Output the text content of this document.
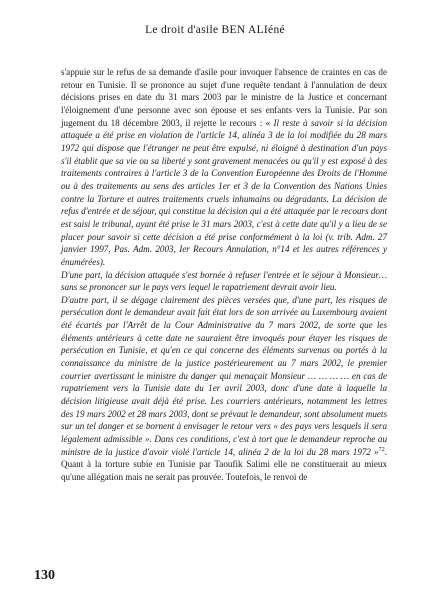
Le droit d'asile BEN ALIéné

s'appuie sur le refus de sa demande d'asile pour invoquer l'absence de craintes en cas de retour en Tunisie. Il se prononce au sujet d'une requête tendant à l'annulation de deux décisions prises en date du 31 mars 2003 par le ministre de la Justice et concernant l'éloignement d'une personne avec son épouse et ses enfants vers la Tunisie. Par son jugement du 18 décembre 2003, il rejette le recours : « Il reste à savoir si la décision attaquée a été prise en violation de l'article 14, alinéa 3 de la loi modifiée du 28 mars 1972 qui dispose que l'étranger ne peut être expulsé, ni éloigné à destination d'un pays s'il établit que sa vie ou sa liberté y sont gravement menacées ou qu'il y est exposé à des traitements contraires à l'article 3 de la Convention Européenne des Droits de l'Homme ou à des traitements au sens des articles 1er et 3 de la Convention des Nations Unies contre la Torture et autres traitements cruels inhumains ou dégradants. La décision de refus d'entrée et de séjour, qui constitue la décision qui a été attaquée par le recours dont est saisi le tribunal, ayant été prise le 31 mars 2003, c'est à cette date qu'il y a lieu de se placer pour savoir si cette décision a été prise conformément à la loi (v. trib. Adm. 27 janvier 1997, Pas. Adm. 2003, Ier Recours Annulation, n°14 et les autres références y énumérées).

D'une part, la décision attaquée s'est bornée à refuser l'entrée et le séjour à Monsieur… sans se prononcer sur le pays vers lequel le rapatriement devrait avoir lieu.

D'autre part, il se dégage clairement des pièces versées que, d'une part, les risques de persécution dont le demandeur avait fait état lors de son arrivée au Luxembourg avaient été écartés par l'Arrêt de la Cour Administrative du 7 mars 2002, de sorte que les éléments antérieurs à cette date ne sauraient être invoqués pour étayer les risques de persécution en Tunisie, et qu'en ce qui concerne des éléments survenus ou portés à la connaissance du ministre de la justice postérieurement au 7 mars 2002, le premier courrier avertissant le ministre du danger qui menaçait Monsieur … … … … en cas de rapatriement vers la Tunisie date du 1er avril 2003, donc d'une date à laquelle la décision litigieuse avait déjà été prise. Les courriers antérieurs, notamment les lettres des 19 mars 2002 et 28 mars 2003, dont se prévaut le demandeur, sont absolument muets sur un tel danger et se bornent à envisager le retour vers « des pays vers lesquels il sera légalement admissible ». Dans ces conditions, c'est à tort que le demandeur reproche au ministre de la justice d'avoir violé l'article 14, alinéa 2 de la loi du 28 mars 1972 »$^{72}$. Quant à la torture subie en Tunisie par Taoufik Salimi elle ne constituerait au mieux qu'une allégation mais ne serait pas prouvée. Toutefois, le renvoi de

130
